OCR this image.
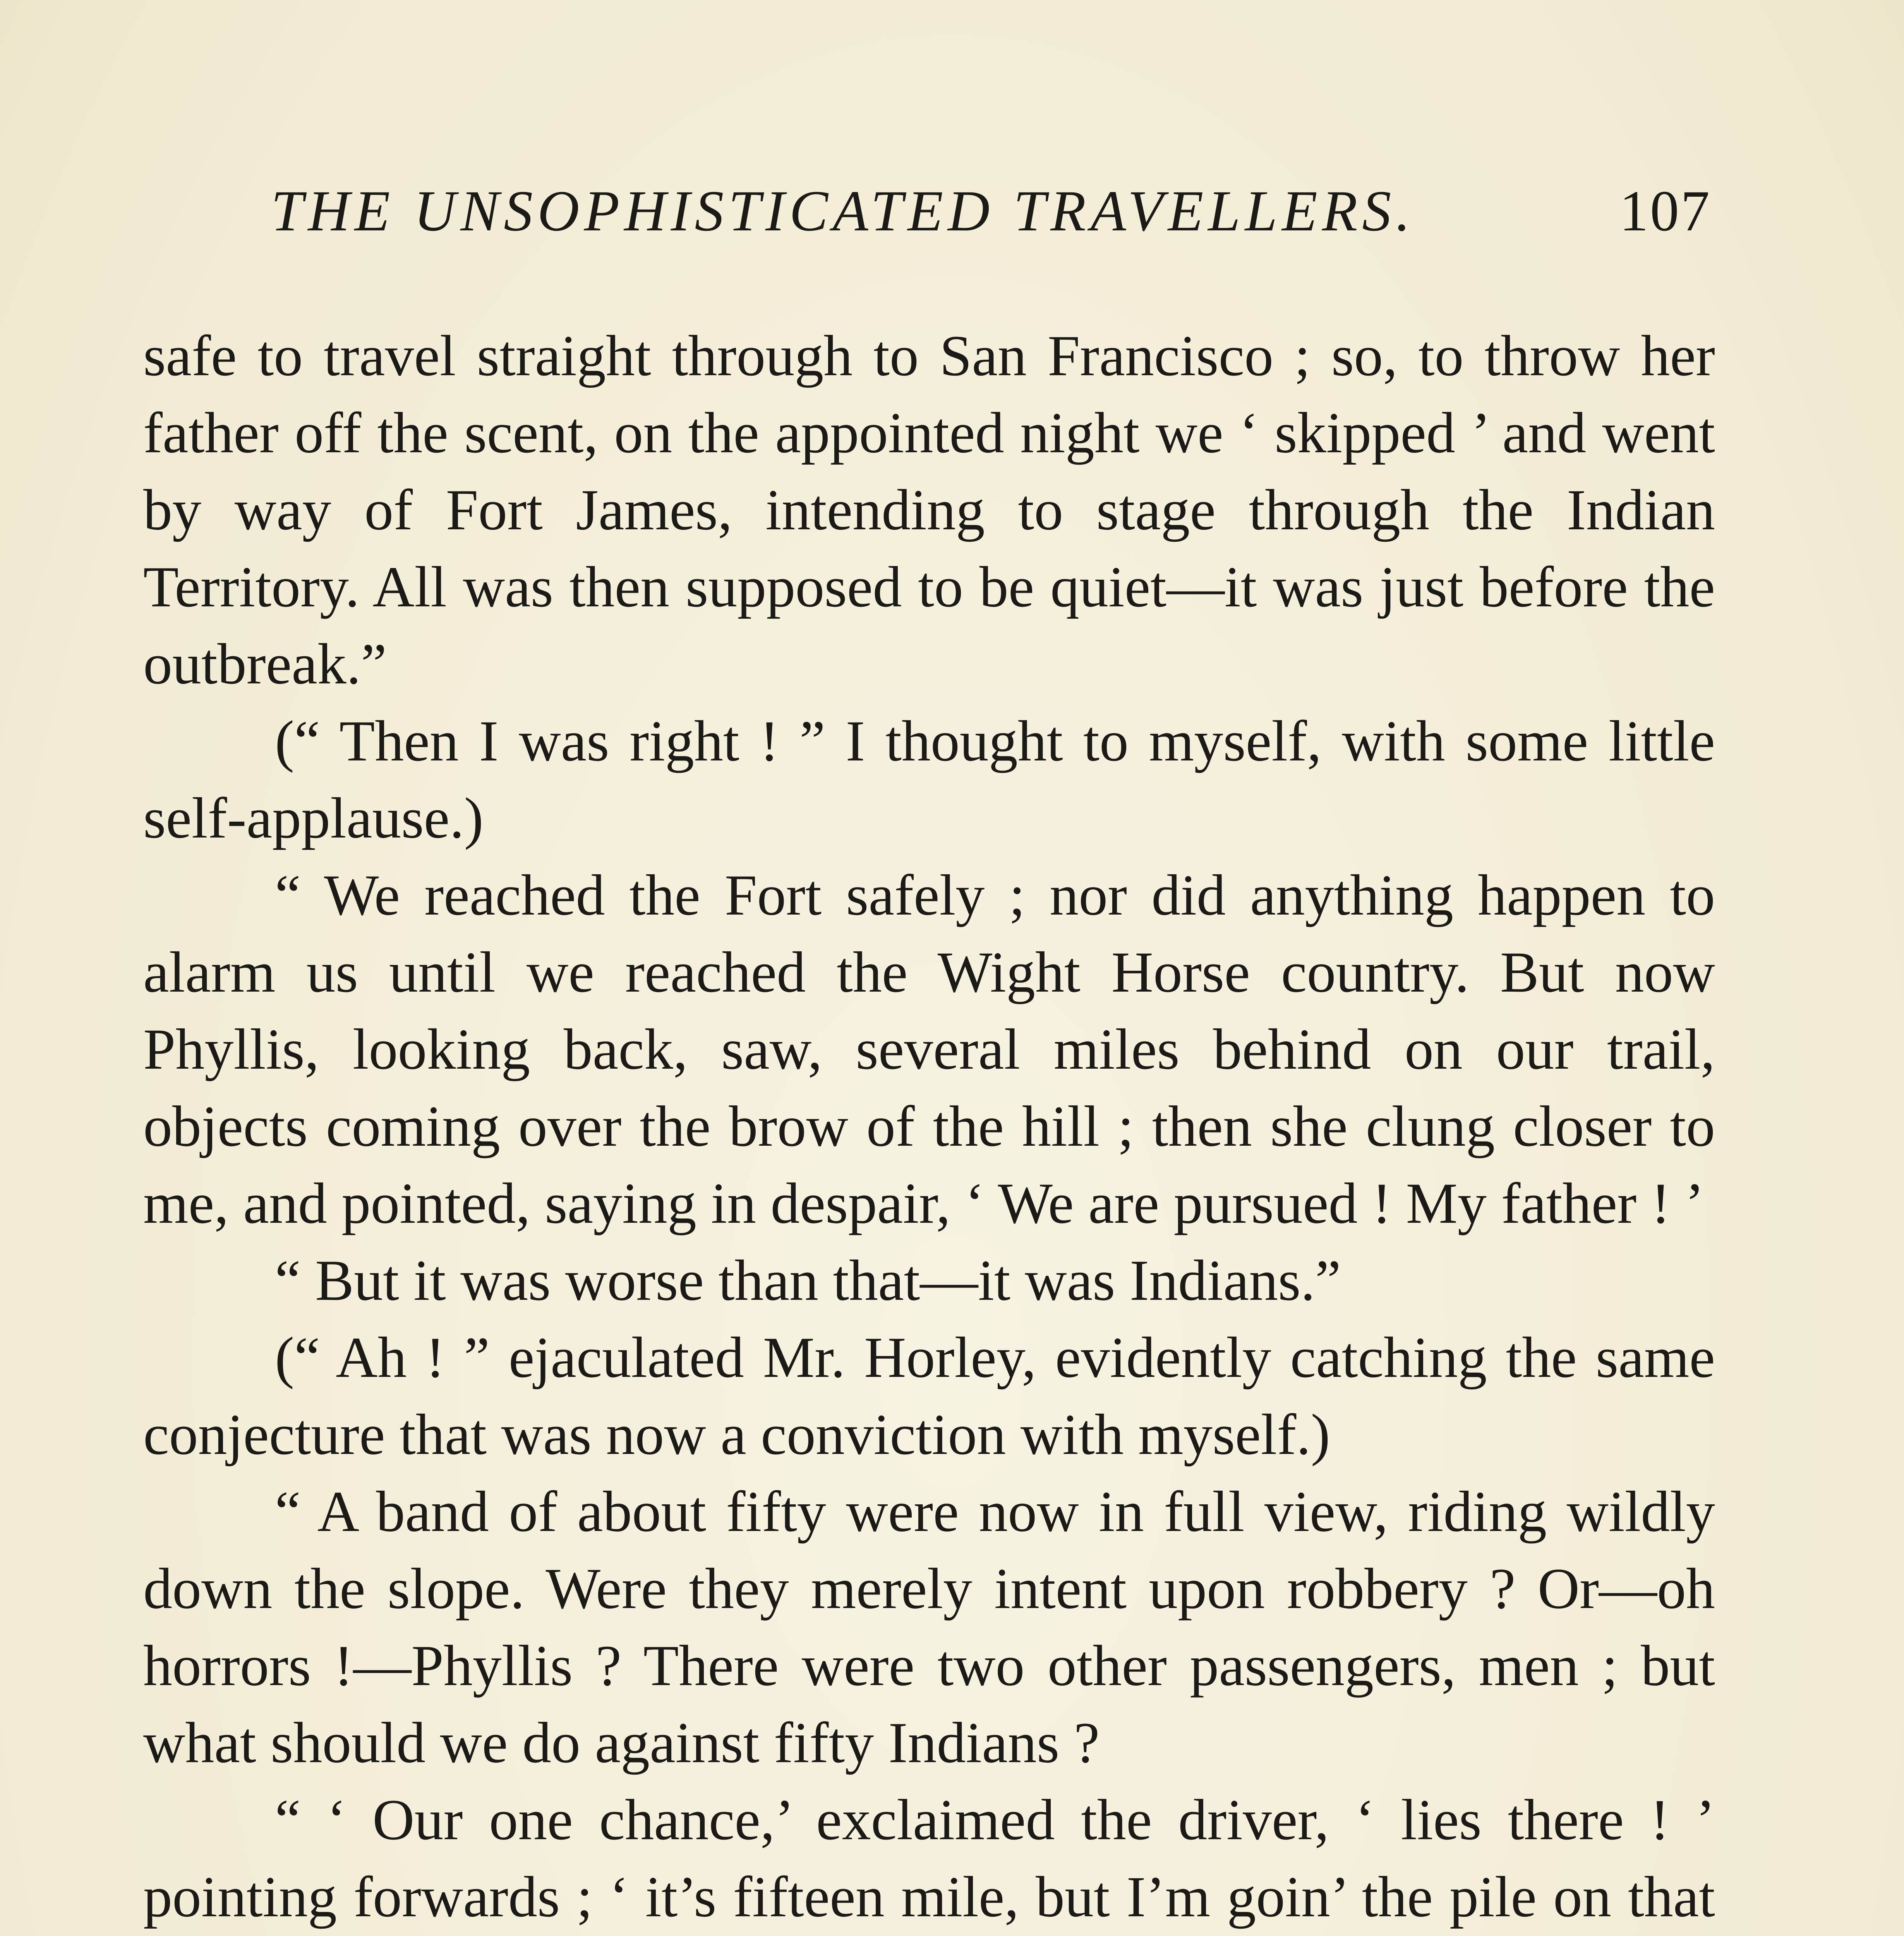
THE UNSOPHISTICATED TRAVELLERS.	107

safe to travel straight through to San Francisco ; so, to throw her father off the scent, on the appointed night we ‘ skipped ’ and went by way of Fort James, intending to stage through the Indian Territory. All was then supposed to be quiet—it was just before the outbreak.”

(“ Then I was right ! ” I thought to myself, with some little self-applause.)

“ We reached the Fort safely ; nor did anything happen to alarm us until we reached the Wight Horse country. But now Phyllis, looking back, saw, several miles behind on our trail, objects coming over the brow of the hill ; then she clung closer to me, and pointed, saying in despair, ‘ We are pursued ! My father ! ’

“ But it was worse than that—it was Indians.”

(“ Ah ! ” ejaculated Mr. Horley, evidently catching the same conjecture that was now a conviction with myself.)

“ A band of about fifty were now in full view, riding wildly down the slope. Were they merely intent upon robbery ? Or—oh horrors !—Phyllis ? There were two other passengers, men ; but what should we do against fifty Indians ?

“ ‘ Our one chance,’ exclaimed the driver, ‘ lies there ! ’ pointing forwards ; ‘ it’s fifteen mile, but I’m goin’ the pile on that
